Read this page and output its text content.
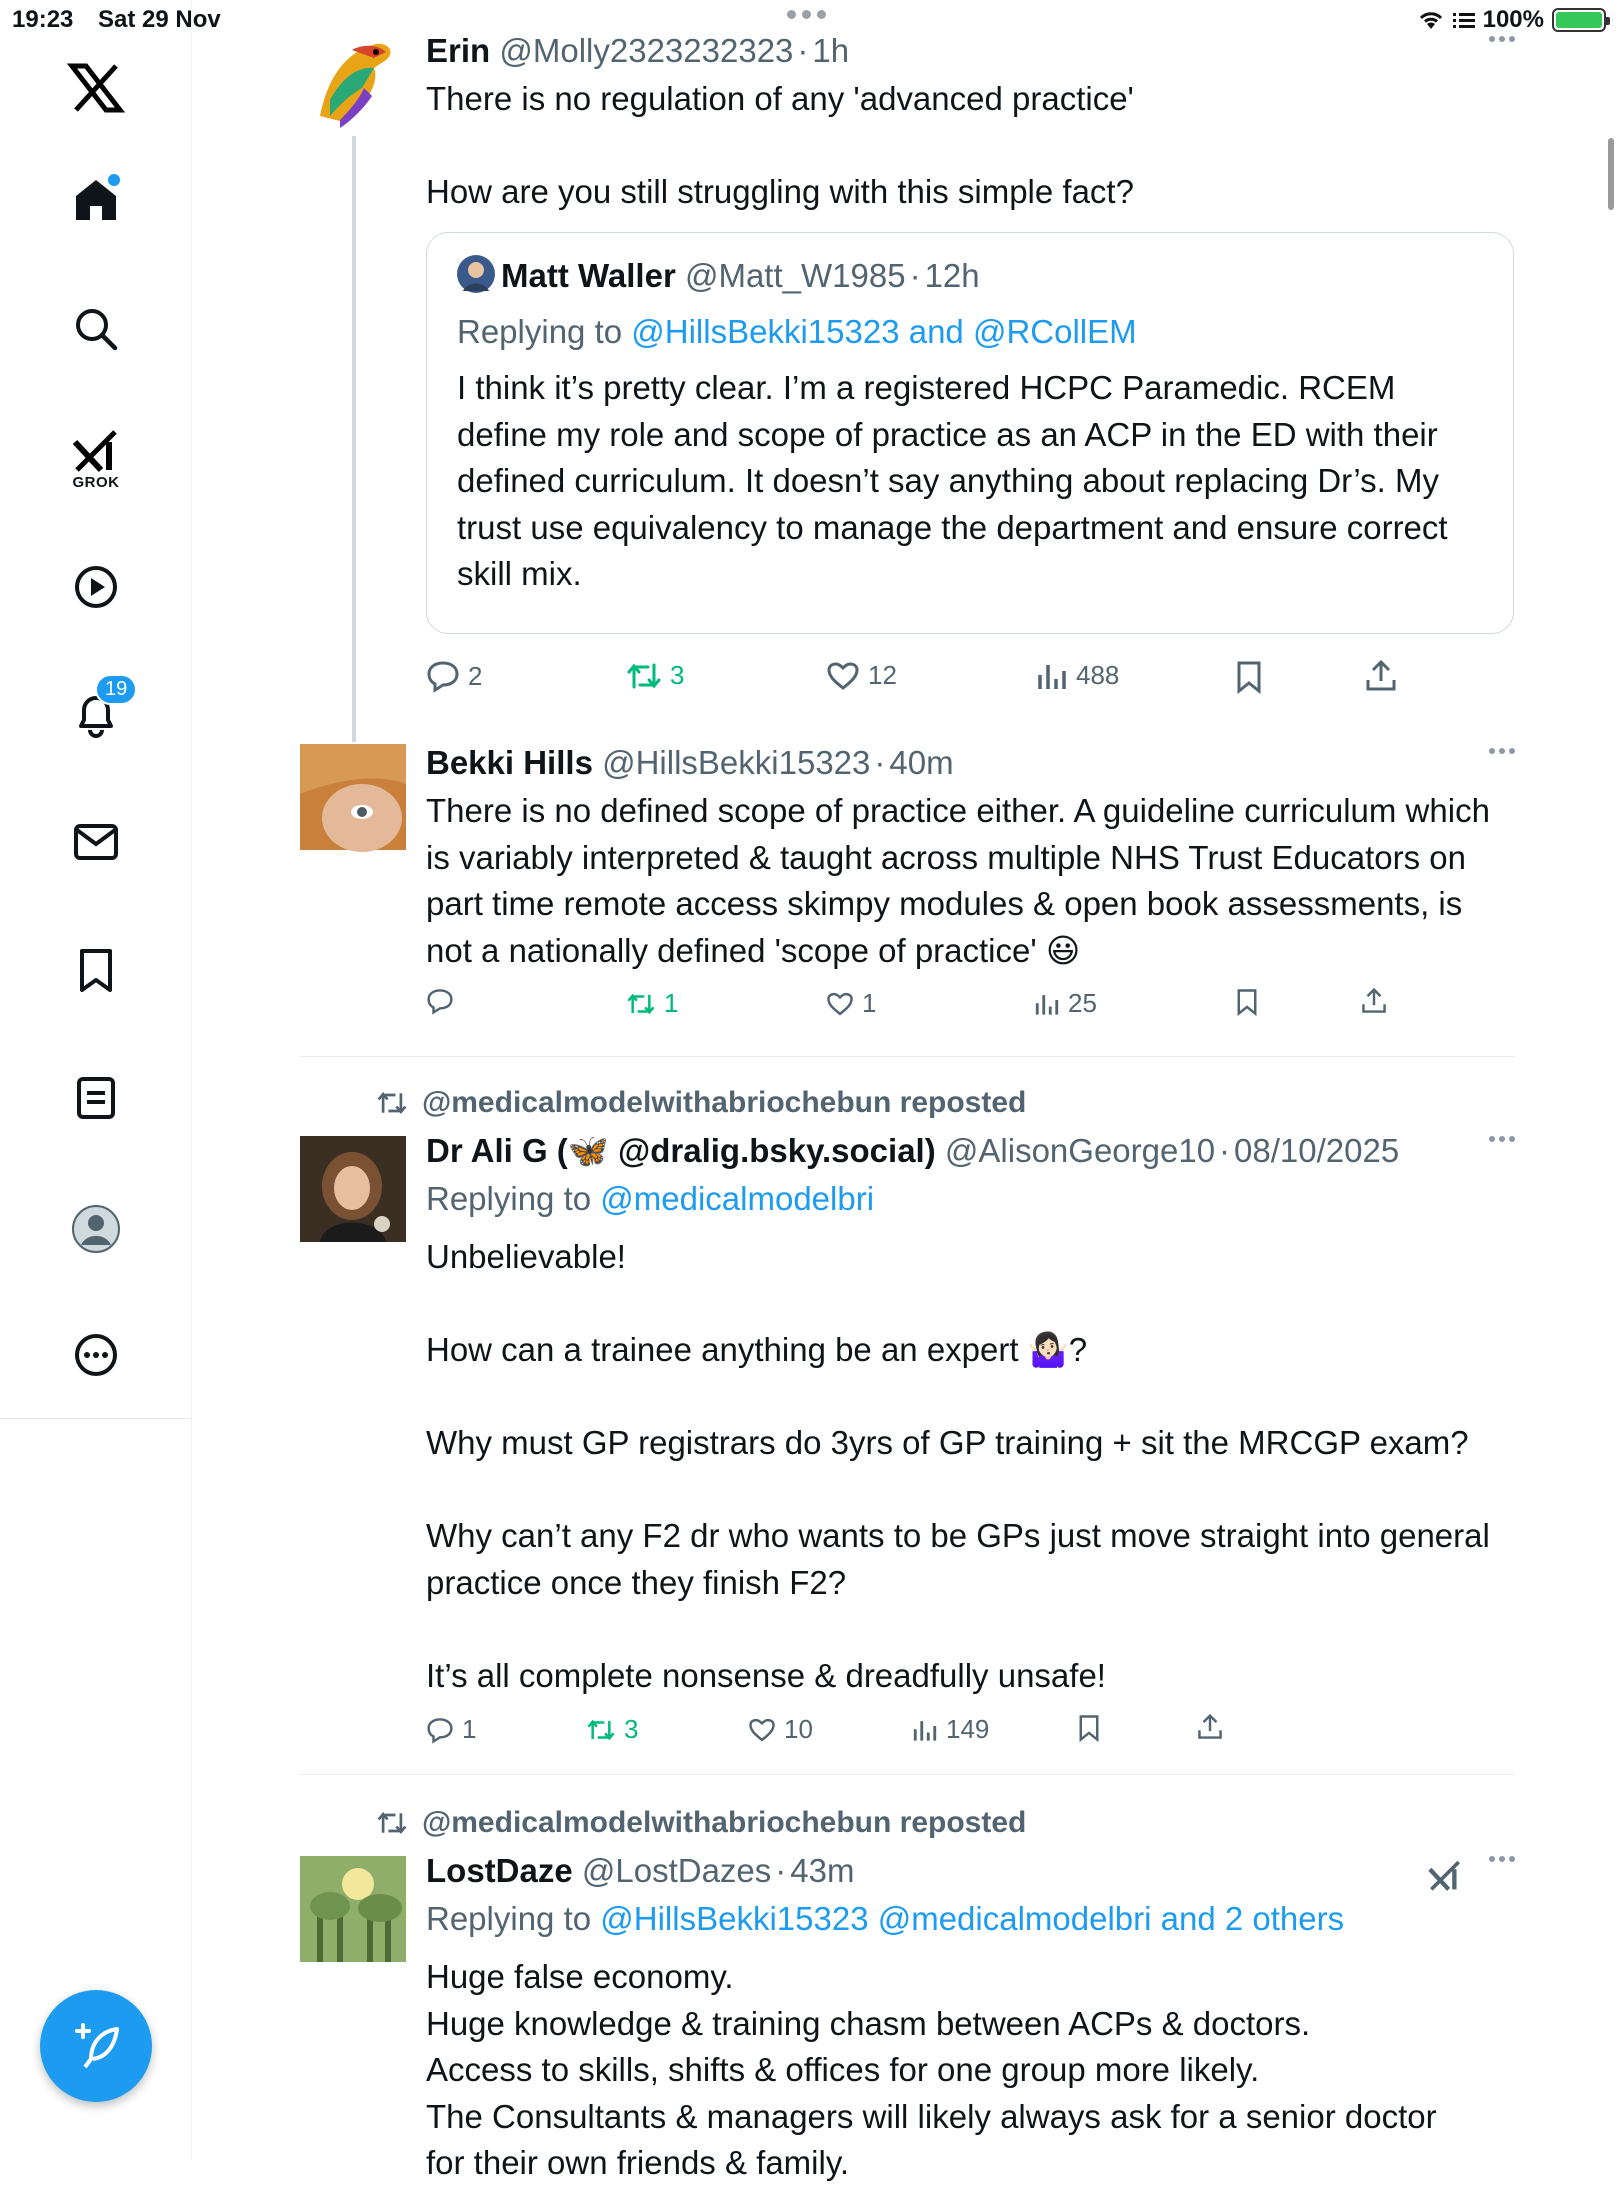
19:23 Sat 29 Nov	100%
GROK
19
Erin @Molly2323232323 · 1h
There is no regulation of any 'advanced practice'

How are you still struggling with this simple fact?
Matt Waller @Matt_W1985 · 12h
Replying to @HillsBekki15323 and @RCollEM
I think it’s pretty clear. I’m a registered HCPC Paramedic. RCEM define my role and scope of practice as an ACP in the ED with their defined curriculum. It doesn’t say anything about replacing Dr’s. My trust use equivalency to manage the department and ensure correct skill mix.
2	3	12	488
Bekki Hills @HillsBekki15323 · 40m
There is no defined scope of practice either. A guideline curriculum which is variably interpreted & taught across multiple NHS Trust Educators on part time remote access skimpy modules & open book assessments, is not a nationally defined 'scope of practice' 😃
1	1	25
@medicalmodelwithabriochebun reposted
Dr Ali G (🦋 @dralig.bsky.social) @AlisonGeorge10 · 08/10/2025
Replying to @medicalmodelbri
Unbelievable!

How can a trainee anything be an expert 🤷🏻‍♀️?

Why must GP registrars do 3yrs of GP training + sit the MRCGP exam?

Why can’t any F2 dr who wants to be GPs just move straight into general practice once they finish F2?

It’s all complete nonsense & dreadfully unsafe!
1	3	10	149
@medicalmodelwithabriochebun reposted
LostDaze @LostDazes · 43m
Replying to @HillsBekki15323 @medicalmodelbri and 2 others
Huge false economy.
Huge knowledge & training chasm between ACPs & doctors.
Access to skills, shifts & offices for one group more likely.
The Consultants & managers will likely always ask for a senior doctor
for their own friends & family.
